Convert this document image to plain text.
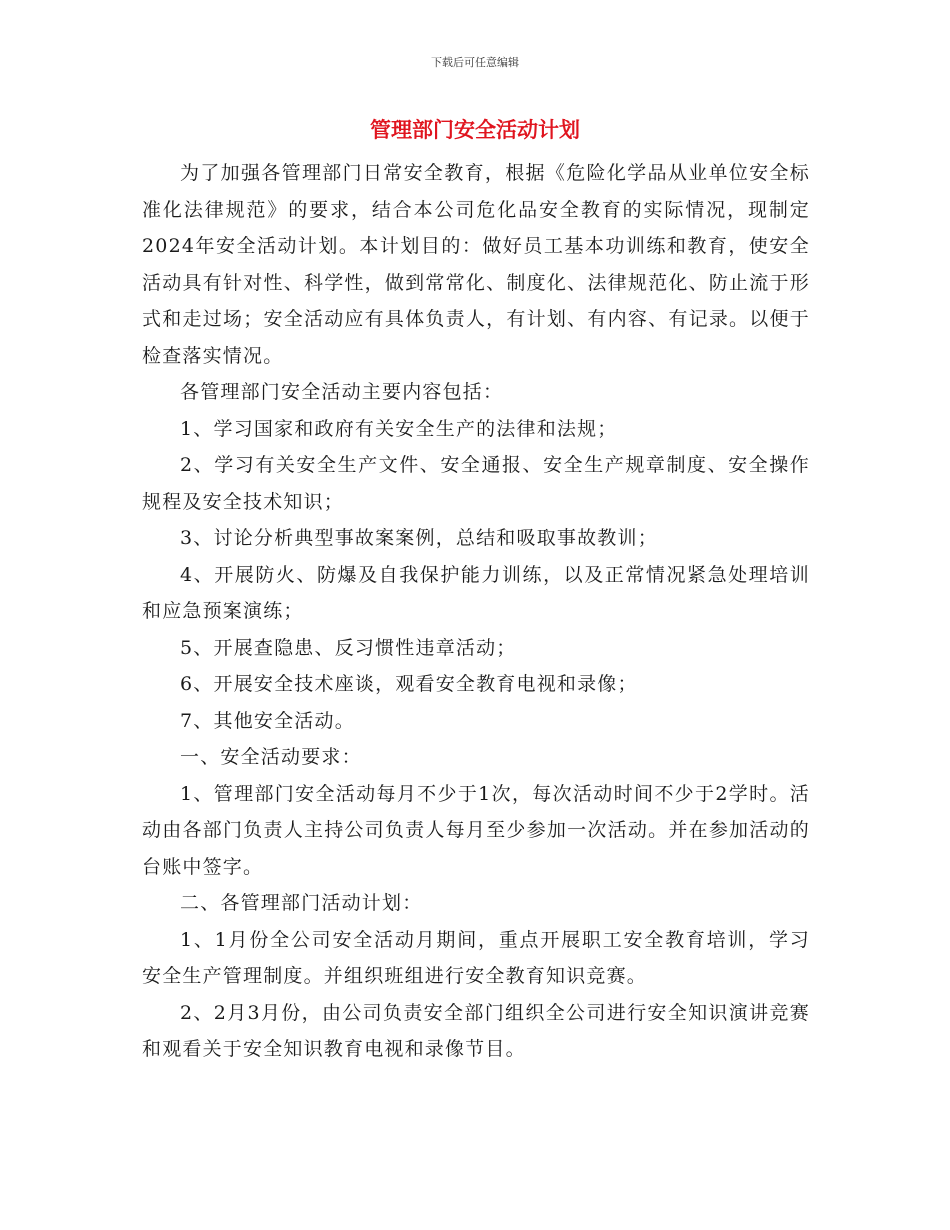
下载后可任意编辑
管理部门安全活动计划

为了加强各管理部门日常安全教育，根据《危险化学品从业单位安全标准化法律规范》的要求，结合本公司危化品安全教育的实际情况，现制定2024年安全活动计划。本计划目的：做好员工基本功训练和教育，使安全活动具有针对性、科学性，做到常常化、制度化、法律规范化、防止流于形式和走过场；安全活动应有具体负责人，有计划、有内容、有记录。以便于检查落实情况。

各管理部门安全活动主要内容包括：

1、学习国家和政府有关安全生产的法律和法规；

2、学习有关安全生产文件、安全通报、安全生产规章制度、安全操作规程及安全技术知识；

3、讨论分析典型事故案案例，总结和吸取事故教训；

4、开展防火、防爆及自我保护能力训练，以及正常情况紧急处理培训和应急预案演练；

5、开展查隐患、反习惯性违章活动；

6、开展安全技术座谈，观看安全教育电视和录像；

7、其他安全活动。

一、安全活动要求：

1、管理部门安全活动每月不少于1次，每次活动时间不少于2学时。活动由各部门负责人主持公司负责人每月至少参加一次活动。并在参加活动的台账中签字。

二、各管理部门活动计划：

1、1月份全公司安全活动月期间，重点开展职工安全教育培训，学习安全生产管理制度。并组织班组进行安全教育知识竞赛。

2、2月3月份，由公司负责安全部门组织全公司进行安全知识演讲竞赛和观看关于安全知识教育电视和录像节目。
